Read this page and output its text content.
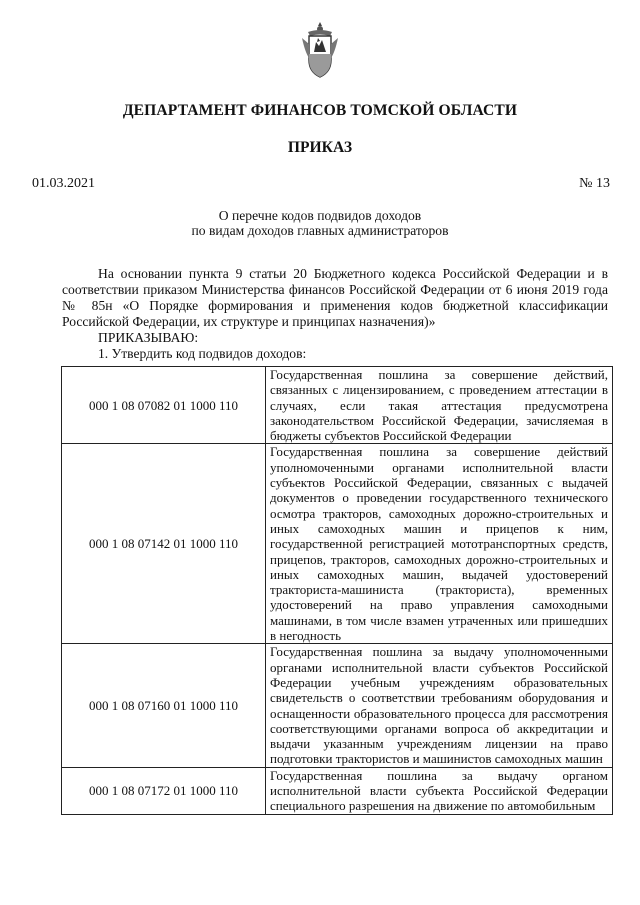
ДЕПАРТАМЕНТ ФИНАНСОВ ТОМСКОЙ ОБЛАСТИ
ПРИКАЗ
01.03.2021	№ 13
О перечне кодов подвидов доходов
по видам доходов главных администраторов

На основании пункта 9 статьи 20 Бюджетного кодекса Российской Федерации и в соответствии приказом Министерства финансов Российской Федерации от 6 июня 2019 года № 85н «О Порядке формирования и применения кодов бюджетной классификации Российской Федерации, их структуре и принципах назначения)»

ПРИКАЗЫВАЮ:

1. Утвердить код подвидов доходов:

000 1 08 07082 01 1000 110	Государственная пошлина за совершение действий, связанных с лицензированием, с проведением аттестации в случаях, если такая аттестация предусмотрена законодательством Российской Федерации, зачисляемая в бюджеты субъектов Российской Федерации
000 1 08 07142 01 1000 110	Государственная пошлина за совершение действий уполномоченными органами исполнительной власти субъектов Российской Федерации, связанных с выдачей документов о проведении государственного технического осмотра тракторов, самоходных дорожно-строительных и иных самоходных машин и прицепов к ним, государственной регистрацией мототранспортных средств, прицепов, тракторов, самоходных дорожно-строительных и иных самоходных машин, выдачей удостоверений тракториста-машиниста (тракториста), временных удостоверений на право управления самоходными машинами, в том числе взамен утраченных или пришедших в негодность
000 1 08 07160 01 1000 110	Государственная пошлина за выдачу уполномоченными органами исполнительной власти субъектов Российской Федерации учебным учреждениям образовательных свидетельств о соответствии требованиям оборудования и оснащенности образовательного процесса для рассмотрения соответствующими органами вопроса об аккредитации и выдачи указанным учреждениям лицензии на право подготовки трактористов и машинистов самоходных машин
000 1 08 07172 01 1000 110	Государственная пошлина за выдачу органом исполнительной власти субъекта Российской Федерации специального разрешения на движение по автомобильным
